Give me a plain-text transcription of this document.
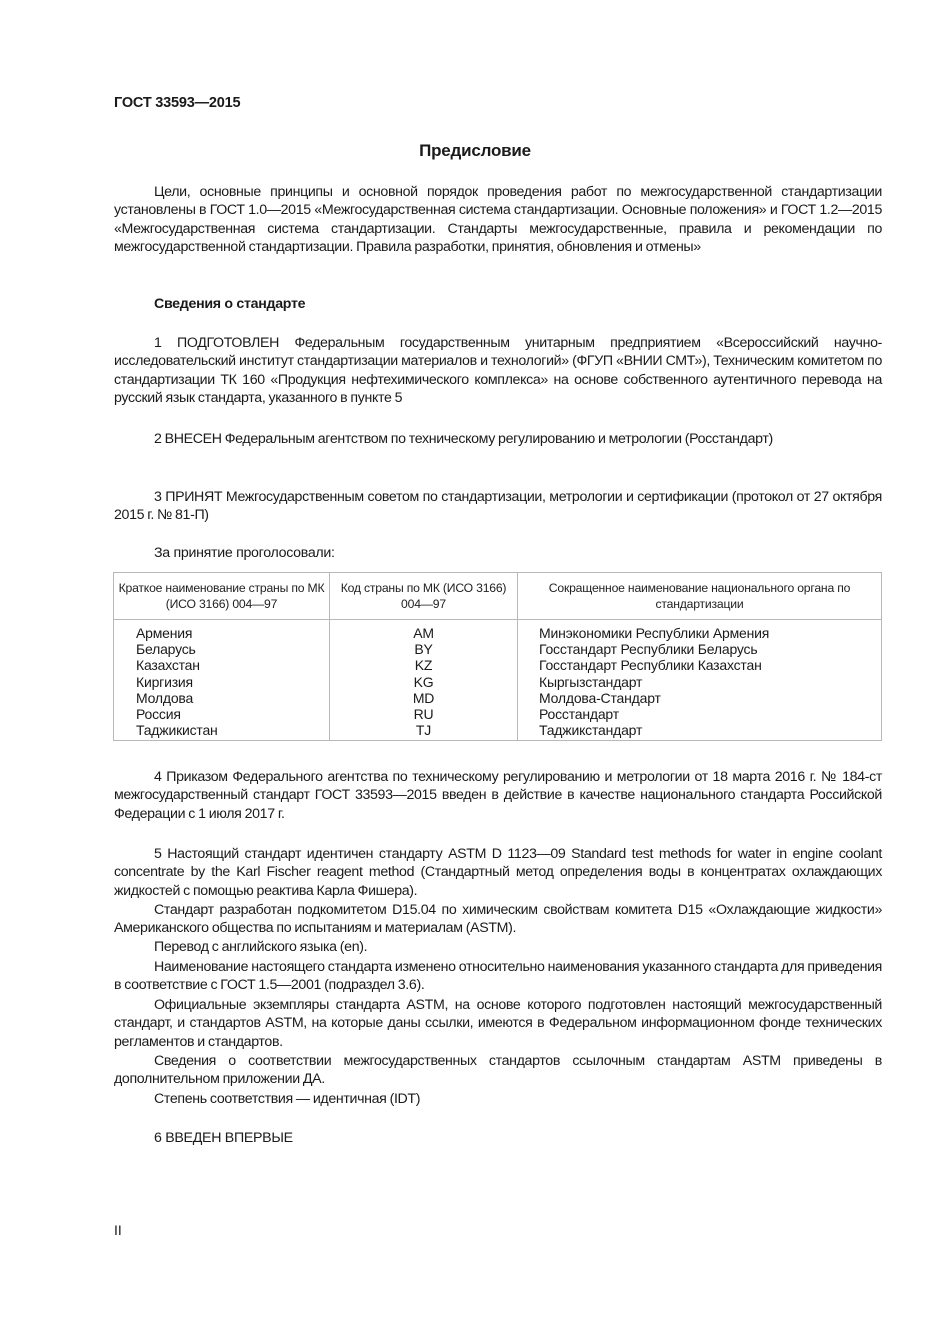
ГОСТ 33593—2015
Предисловие
Цели, основные принципы и основной порядок проведения работ по межгосударственной стандартизации установлены в ГОСТ 1.0—2015 «Межгосударственная система стандартизации. Основные положения» и ГОСТ 1.2—2015 «Межгосударственная система стандартизации. Стандарты межгосударственные, правила и рекомендации по межгосударственной стандартизации. Правила разработки, принятия, обновления и отмены»
Сведения о стандарте
1 ПОДГОТОВЛЕН Федеральным государственным унитарным предприятием «Всероссийский научно-исследовательский институт стандартизации материалов и технологий» (ФГУП «ВНИИ СМТ»), Техническим комитетом по стандартизации ТК 160 «Продукция нефтехимического комплекса» на основе собственного аутентичного перевода на русский язык стандарта, указанного в пункте 5
2 ВНЕСЕН Федеральным агентством по техническому регулированию и метрологии (Росстандарт)
3 ПРИНЯТ Межгосударственным советом по стандартизации, метрологии и сертификации (протокол от 27 октября 2015 г. № 81-П)
За принятие проголосовали:
Краткое наименование страны по МК (ИСО 3166) 004—97	Код страны по МК (ИСО 3166) 004—97	Сокращенное наименование национального органа по стандартизации
Армения	AM	Минэкономики Республики Армения
Беларусь	BY	Госстандарт Республики Беларусь
Казахстан	KZ	Госстандарт Республики Казахстан
Киргизия	KG	Кыргызстандарт
Молдова	MD	Молдова-Стандарт
Россия	RU	Росстандарт
Таджикистан	TJ	Таджикстандарт
4 Приказом Федерального агентства по техническому регулированию и метрологии от 18 марта 2016 г. № 184-ст межгосударственный стандарт ГОСТ 33593—2015 введен в действие в качестве национального стандарта Российской Федерации с 1 июля 2017 г.
5 Настоящий стандарт идентичен стандарту ASTM D 1123—09 Standard test methods for water in engine coolant concentrate by the Karl Fischer reagent method (Стандартный метод определения воды в концентратах охлаждающих жидкостей с помощью реактива Карла Фишера).
Стандарт разработан подкомитетом D15.04 по химическим свойствам комитета D15 «Охлаждающие жидкости» Американского общества по испытаниям и материалам (ASTM).
Перевод с английского языка (en).
Наименование настоящего стандарта изменено относительно наименования указанного стандарта для приведения в соответствие с ГОСТ 1.5—2001 (подраздел 3.6).
Официальные экземпляры стандарта ASTM, на основе которого подготовлен настоящий межгосударственный стандарт, и стандартов ASTM, на которые даны ссылки, имеются в Федеральном информационном фонде технических регламентов и стандартов.
Сведения о соответствии межгосударственных стандартов ссылочным стандартам ASTM приведены в дополнительном приложении ДА.
Степень соответствия — идентичная (IDT)
6 ВВЕДЕН ВПЕРВЫЕ
II
